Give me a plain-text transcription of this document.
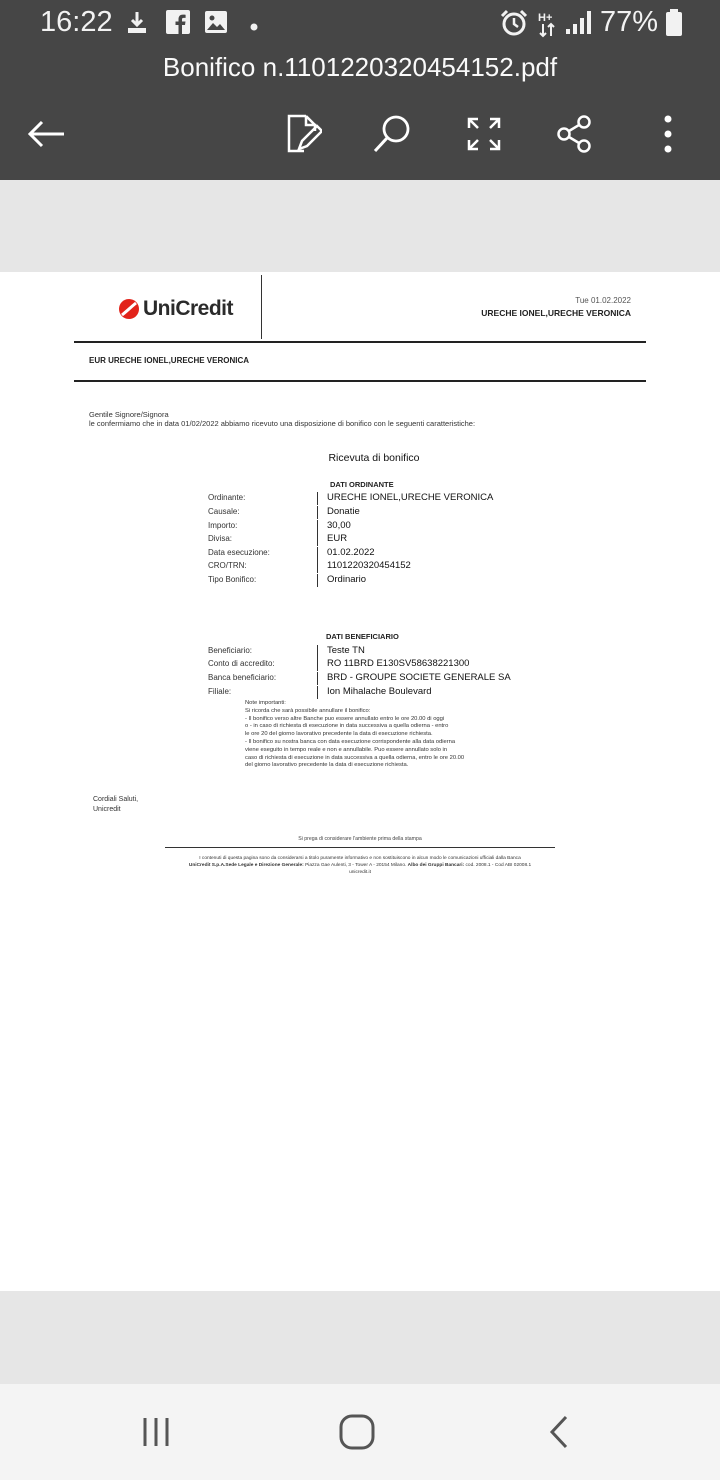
16:22	H+ 77%
Bonifico n.1101220320454152.pdf
UniCredit	Tue 01.02.2022
URECHE IONEL,URECHE VERONICA
EUR URECHE IONEL,URECHE VERONICA
Gentile Signore/Signora
le confermiamo che in data 01/02/2022 abbiamo ricevuto una disposizione di bonifico con le seguenti caratteristiche:
Ricevuta di bonifico
DATI ORDINANTE
Ordinante:	URECHE IONEL,URECHE VERONICA
Causale:	Donatie
Importo:	30,00
Divisa:	EUR
Data esecuzione:	01.02.2022
CRO/TRN:	1101220320454152
Tipo Bonifico:	Ordinario
DATI BENEFICIARIO
Beneficiario:	Teste TN
Conto di accredito:	RO 11BRD E130SV58638221300
Banca beneficiario:	BRD - GROUPE SOCIETE GENERALE SA
Filiale:	Ion Mihalache Boulevard
Note importanti:
Si ricorda che sarà possibile annullare il bonifico:
- Il bonifico verso altre Banche puo essere annullato entro le ore 20.00 di oggi
o - in caso di richiesta di esecuzione in data successiva a quella odierna - entro
le ore 20 del giorno lavorativo precedente la data di esecuzione richiesta.
- Il bonifico su nostra banca con data esecuzione corrispondente alla data odierna
viene eseguito in tempo reale e non e annullabile. Puo essere annullato solo in
caso di richiesta di esecuzione in data successiva a quella odierna, entro le ore 20.00
del giorno lavorativo precedente la data di esecuzione richiesta.
Cordiali Saluti,
Unicredit
Si prega di considerare l'ambiente prima della stampa
I contenuti di questa pagina sono da considerarsi a titolo puramente informativo e non sostituiscono in alcun modo le comunicazioni ufficiali dalla Banca
UniCredit S.p.A.Sede Legale e Direzione Generale: Piazza Gae Aulenti, 3 - Tower A - 20154 Milano. Albo dei Gruppi Bancari: cod. 2008.1 - Cod ABI 02008.1
unicredit.it
